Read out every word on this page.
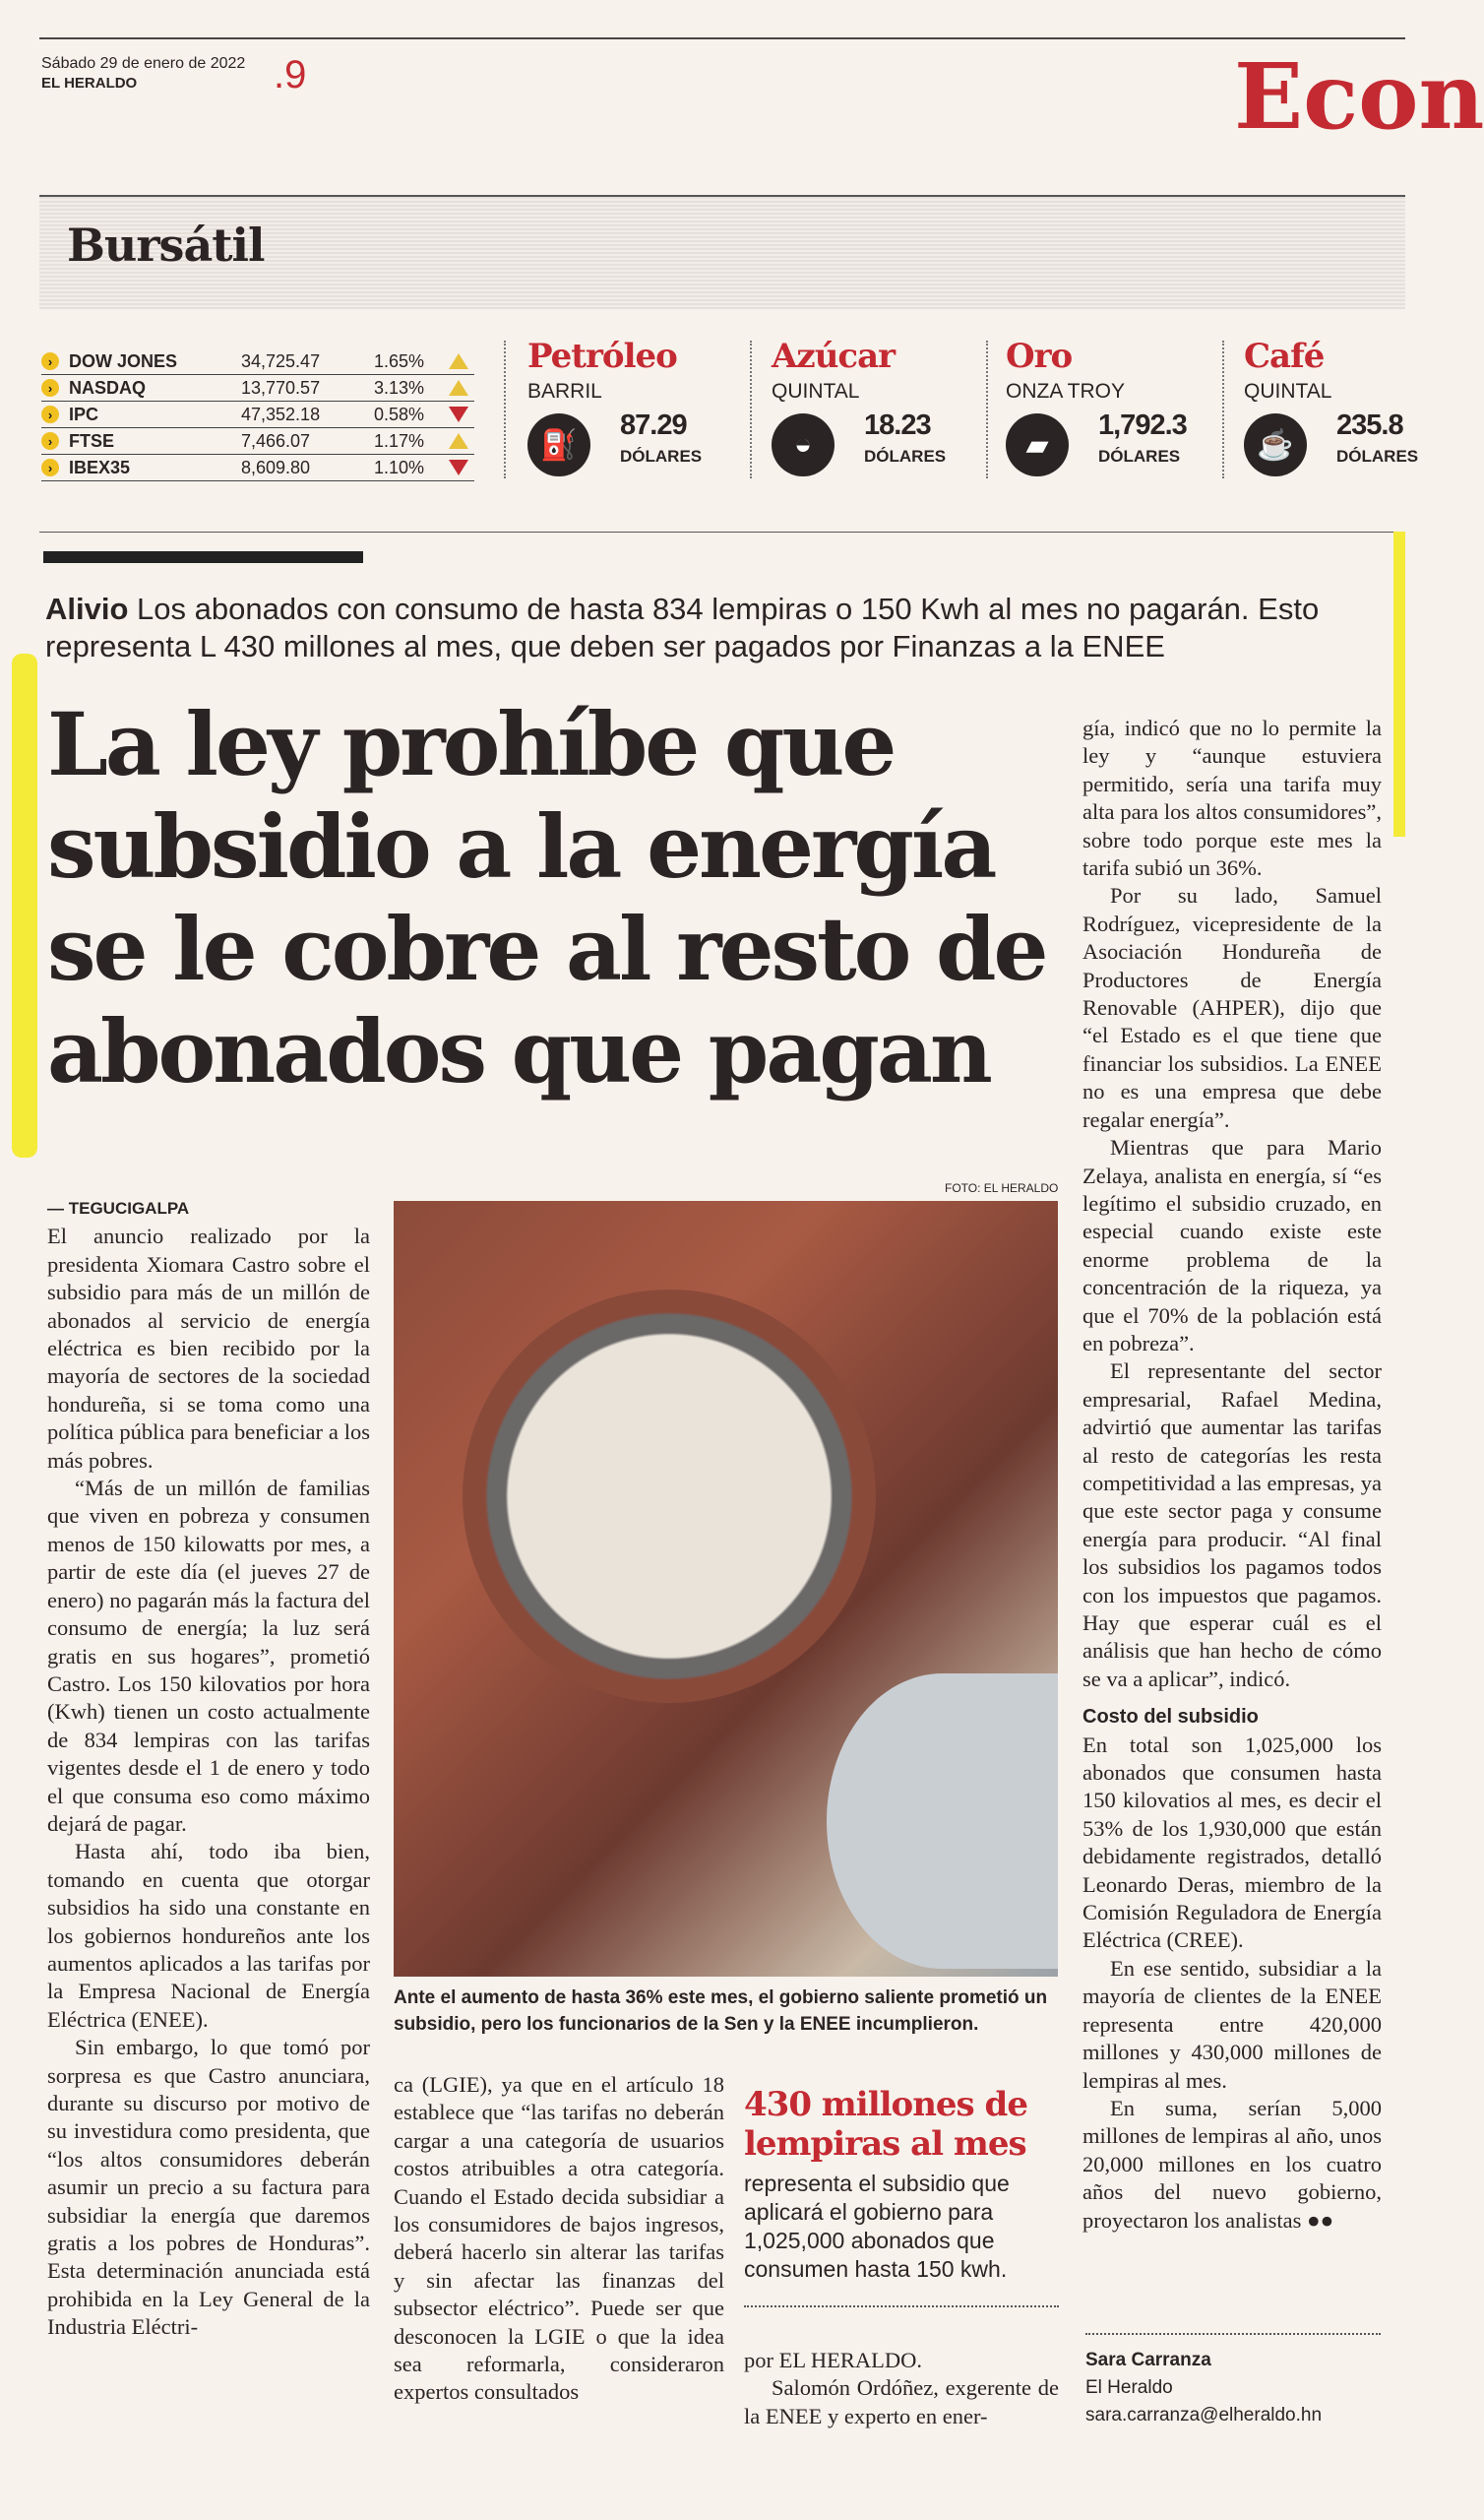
Sábado 29 de enero de 2022
EL HERALDO	.9	Econ
Bursátil
› DOW JONES	34,725.47	1.65%
› NASDAQ	13,770.57	3.13%
› IPC	47,352.18	0.58%
› FTSE	7,466.07	1.17%
› IBEX35	8,609.80	1.10%
Petróleo
BARRIL
⛽
87.29
DÓLARES
Azúcar
QUINTAL
◒
18.23
DÓLARES
Oro
ONZA TROY
▰
1,792.3
DÓLARES
Café
QUINTAL
☕
235.8
DÓLARES
Alivio Los abonados con consumo de hasta 834 lempiras o 150 Kwh al mes no pagarán. Esto representa L 430 millones al mes, que deben ser pagados por Finanzas a la ENEE
La ley prohíbe que subsidio a la energía se le cobre al resto de abonados que pagan
— TEGUCIGALPA

El anuncio realizado por la presidenta Xiomara Castro sobre el subsidio para más de un millón de abonados al servicio de energía eléctrica es bien recibido por la mayoría de sectores de la sociedad hondureña, si se toma como una política pública para beneficiar a los más pobres.

“Más de un millón de familias que viven en pobreza y consumen menos de 150 kilowatts por mes, a partir de este día (el jueves 27 de enero) no pagarán más la factura del consumo de energía; la luz será gratis en sus hogares”, prometió Castro. Los 150 kilovatios por hora (Kwh) tienen un costo actualmente de 834 lempiras con las tarifas vigentes desde el 1 de enero y todo el que consuma eso como máximo dejará de pagar.

Hasta ahí, todo iba bien, tomando en cuenta que otorgar subsidios ha sido una constante en los gobiernos hondureños ante los aumentos aplicados a las tarifas por la Empresa Nacional de Energía Eléctrica (ENEE).

Sin embargo, lo que tomó por sorpresa es que Castro anunciara, durante su discurso por motivo de su investidura como presidenta, que “los altos consumidores deberán asumir un precio a su factura para subsidiar la energía que daremos gratis a los pobres de Honduras”. Esta determinación anunciada está prohibida en la Ley General de la Industria Eléctri-

FOTO: EL HERALDO
Ante el aumento de hasta 36% este mes, el gobierno saliente prometió un subsidio, pero los funcionarios de la Sen y la ENEE incumplieron.

ca (LGIE), ya que en el artículo 18 establece que “las tarifas no deberán cargar a una categoría de usuarios costos atribuibles a otra categoría. Cuando el Estado decida subsidiar a los consumidores de bajos ingresos, deberá hacerlo sin alterar las tarifas y sin afectar las finanzas del subsector eléctrico”. Puede ser que desconocen la LGIE o que la idea sea reformarla, consideraron expertos consultados

430 millones de lempiras al mes
representa el subsidio que aplicará el gobierno para 1,025,000 abonados que consumen hasta 150 kwh.

por EL HERALDO.

Salomón Ordóñez, exgerente de la ENEE y experto en ener-

gía, indicó que no lo permite la ley y “aunque estuviera permitido, sería una tarifa muy alta para los altos consumidores”, sobre todo porque este mes la tarifa subió un 36%.

Por su lado, Samuel Rodríguez, vicepresidente de la Asociación Hondureña de Productores de Energía Renovable (AHPER), dijo que “el Estado es el que tiene que financiar los subsidios. La ENEE no es una empresa que debe regalar energía”.

Mientras que para Mario Zelaya, analista en energía, sí “es legítimo el subsidio cruzado, en especial cuando existe este enorme problema de la concentración de la riqueza, ya que el 70% de la población está en pobreza”.

El representante del sector empresarial, Rafael Medina, advirtió que aumentar las tarifas al resto de categorías les resta competitividad a las empresas, ya que este sector paga y consume energía para producir. “Al final los subsidios los pagamos todos con los impuestos que pagamos. Hay que esperar cuál es el análisis que han hecho de cómo se va a aplicar”, indicó.

Costo del subsidio

En total son 1,025,000 los abonados que consumen hasta 150 kilovatios al mes, es decir el 53% de los 1,930,000 que están debidamente registrados, detalló Leonardo Deras, miembro de la Comisión Reguladora de Energía Eléctrica (CREE).

En ese sentido, subsidiar a la mayoría de clientes de la ENEE representa entre 420,000 millones y 430,000 millones de lempiras al mes.

En suma, serían 5,000 millones de lempiras al año, unos 20,000 millones en los cuatro años del nuevo gobierno, proyectaron los analistas ●●

Sara Carranza
El Heraldo
sara.carranza@elheraldo.hn
